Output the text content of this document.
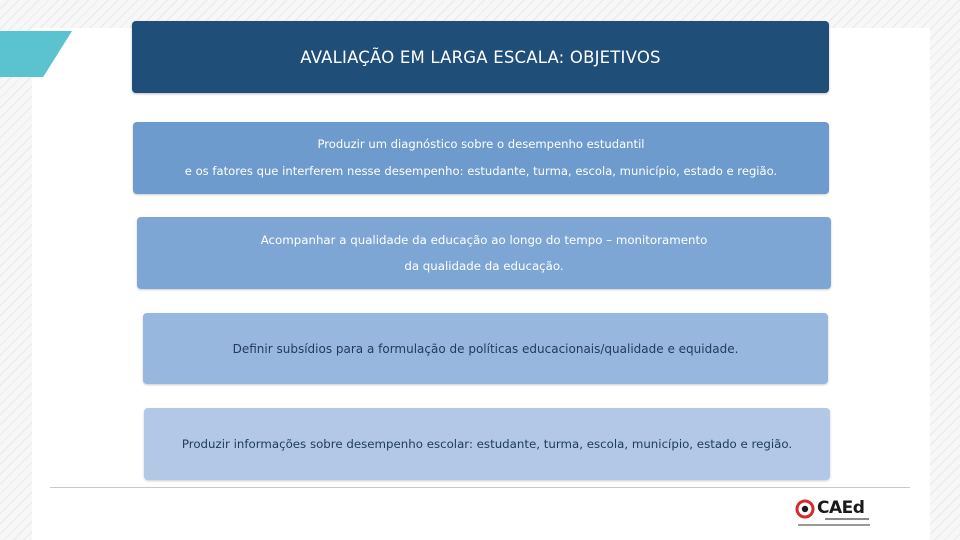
AVALIAÇÃO EM LARGA ESCALA: OBJETIVOS
Produzir um diagnóstico sobre o desempenho estudantil
e os fatores que interferem nesse desempenho: estudante, turma, escola, município, estado e região.
Acompanhar a qualidade da educação ao longo do tempo – monitoramento
da qualidade da educação.
Definir subsídios para a formulação de políticas educacionais/qualidade e equidade.
Produzir informações sobre desempenho escolar: estudante, turma, escola, município, estado e região.
CAEd
